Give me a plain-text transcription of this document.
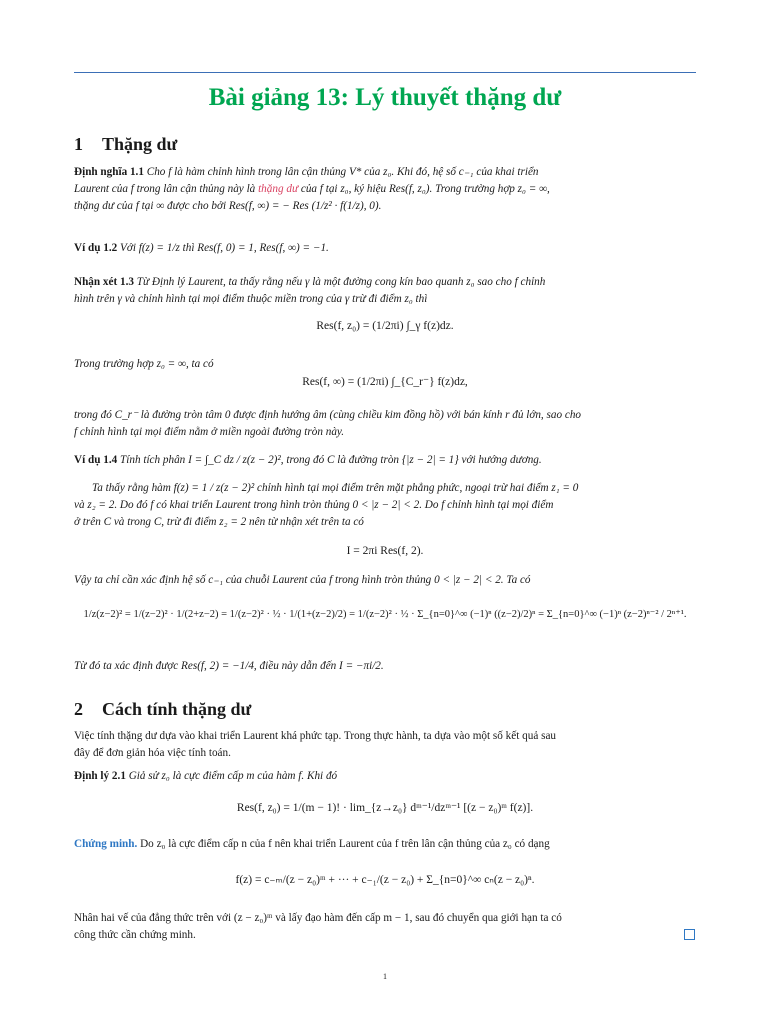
Bài giảng 13: Lý thuyết thặng dư
1 Thặng dư

Định nghĩa 1.1 Cho f là hàm chỉnh hình trong lân cận thủng V* của z₀. Khi đó, hệ số c₋₁ của khai triển
Laurent của f trong lân cận thủng này là thặng dư của f tại z₀, ký hiệu Res(f, z₀). Trong trường hợp z₀ = ∞,
thặng dư của f tại ∞ được cho bởi Res(f, ∞) = − Res (1/z² · f(1/z), 0).

Ví dụ 1.2 Với f(z) = 1/z thì Res(f, 0) = 1, Res(f, ∞) = −1.

Nhận xét 1.3 Từ Định lý Laurent, ta thấy rằng nếu γ là một đường cong kín bao quanh z₀ sao cho f chỉnh
hình trên γ và chỉnh hình tại mọi điểm thuộc miền trong của γ trừ đi điểm z₀ thì

Res(f, z₀) = (1/2πi) ∫_γ f(z)dz.

Trong trường hợp z₀ = ∞, ta có

Res(f, ∞) = (1/2πi) ∫_{C_r⁻} f(z)dz,

trong đó C_r⁻ là đường tròn tâm 0 được định hướng âm (cùng chiều kim đồng hồ) với bán kính r đủ lớn, sao cho
f chỉnh hình tại mọi điểm nằm ở miền ngoài đường tròn này.

Ví dụ 1.4 Tính tích phân I = ∫_C dz / z(z − 2)², trong đó C là đường tròn {|z − 2| = 1} với hướng dương.

Ta thấy rằng hàm f(z) = 1 / z(z − 2)² chỉnh hình tại mọi điểm trên mặt phẳng phức, ngoại trừ hai điểm z₁ = 0
và z₂ = 2. Do đó f có khai triển Laurent trong hình tròn thủng 0 < |z − 2| < 2. Do f chỉnh hình tại mọi điểm
ở trên C và trong C, trừ đi điểm z₂ = 2 nên từ nhận xét trên ta có

I = 2πi Res(f, 2).

Vậy ta chỉ cần xác định hệ số c₋₁ của chuỗi Laurent của f trong hình tròn thủng 0 < |z − 2| < 2. Ta có

1/z(z−2)² = 1/(z−2)² · 1/(2+z−2) = 1/(z−2)² · ½ · 1/(1+(z−2)/2) = 1/(z−2)² · ½ · Σ_{n=0}^∞ (−1)ⁿ ((z−2)/2)ⁿ = Σ_{n=0}^∞ (−1)ⁿ (z−2)ⁿ⁻² / 2ⁿ⁺¹.

Từ đó ta xác định được Res(f, 2) = −1/4, điều này dẫn đến I = −πi/2.

2 Cách tính thặng dư

Việc tính thặng dư dựa vào khai triển Laurent khá phức tạp. Trong thực hành, ta dựa vào một số kết quả sau
đây để đơn giản hóa việc tính toán.

Định lý 2.1 Giả sử z₀ là cực điểm cấp m của hàm f. Khi đó

Res(f, z₀) = 1/(m − 1)! · lim_{z→z₀} dᵐ⁻¹/dzᵐ⁻¹ [(z − z₀)ᵐ f(z)].

Chứng minh. Do z₀ là cực điểm cấp n của f nên khai triển Laurent của f trên lân cận thủng của z₀ có dạng

f(z) = c₋ₘ/(z − z₀)ᵐ + ··· + c₋₁/(z − z₀) + Σ_{n=0}^∞ cₙ(z − z₀)ⁿ.

Nhân hai vế của đẳng thức trên với (z − z₀)ᵐ và lấy đạo hàm đến cấp m − 1, sau đó chuyển qua giới hạn ta có
công thức cần chứng minh.

1
